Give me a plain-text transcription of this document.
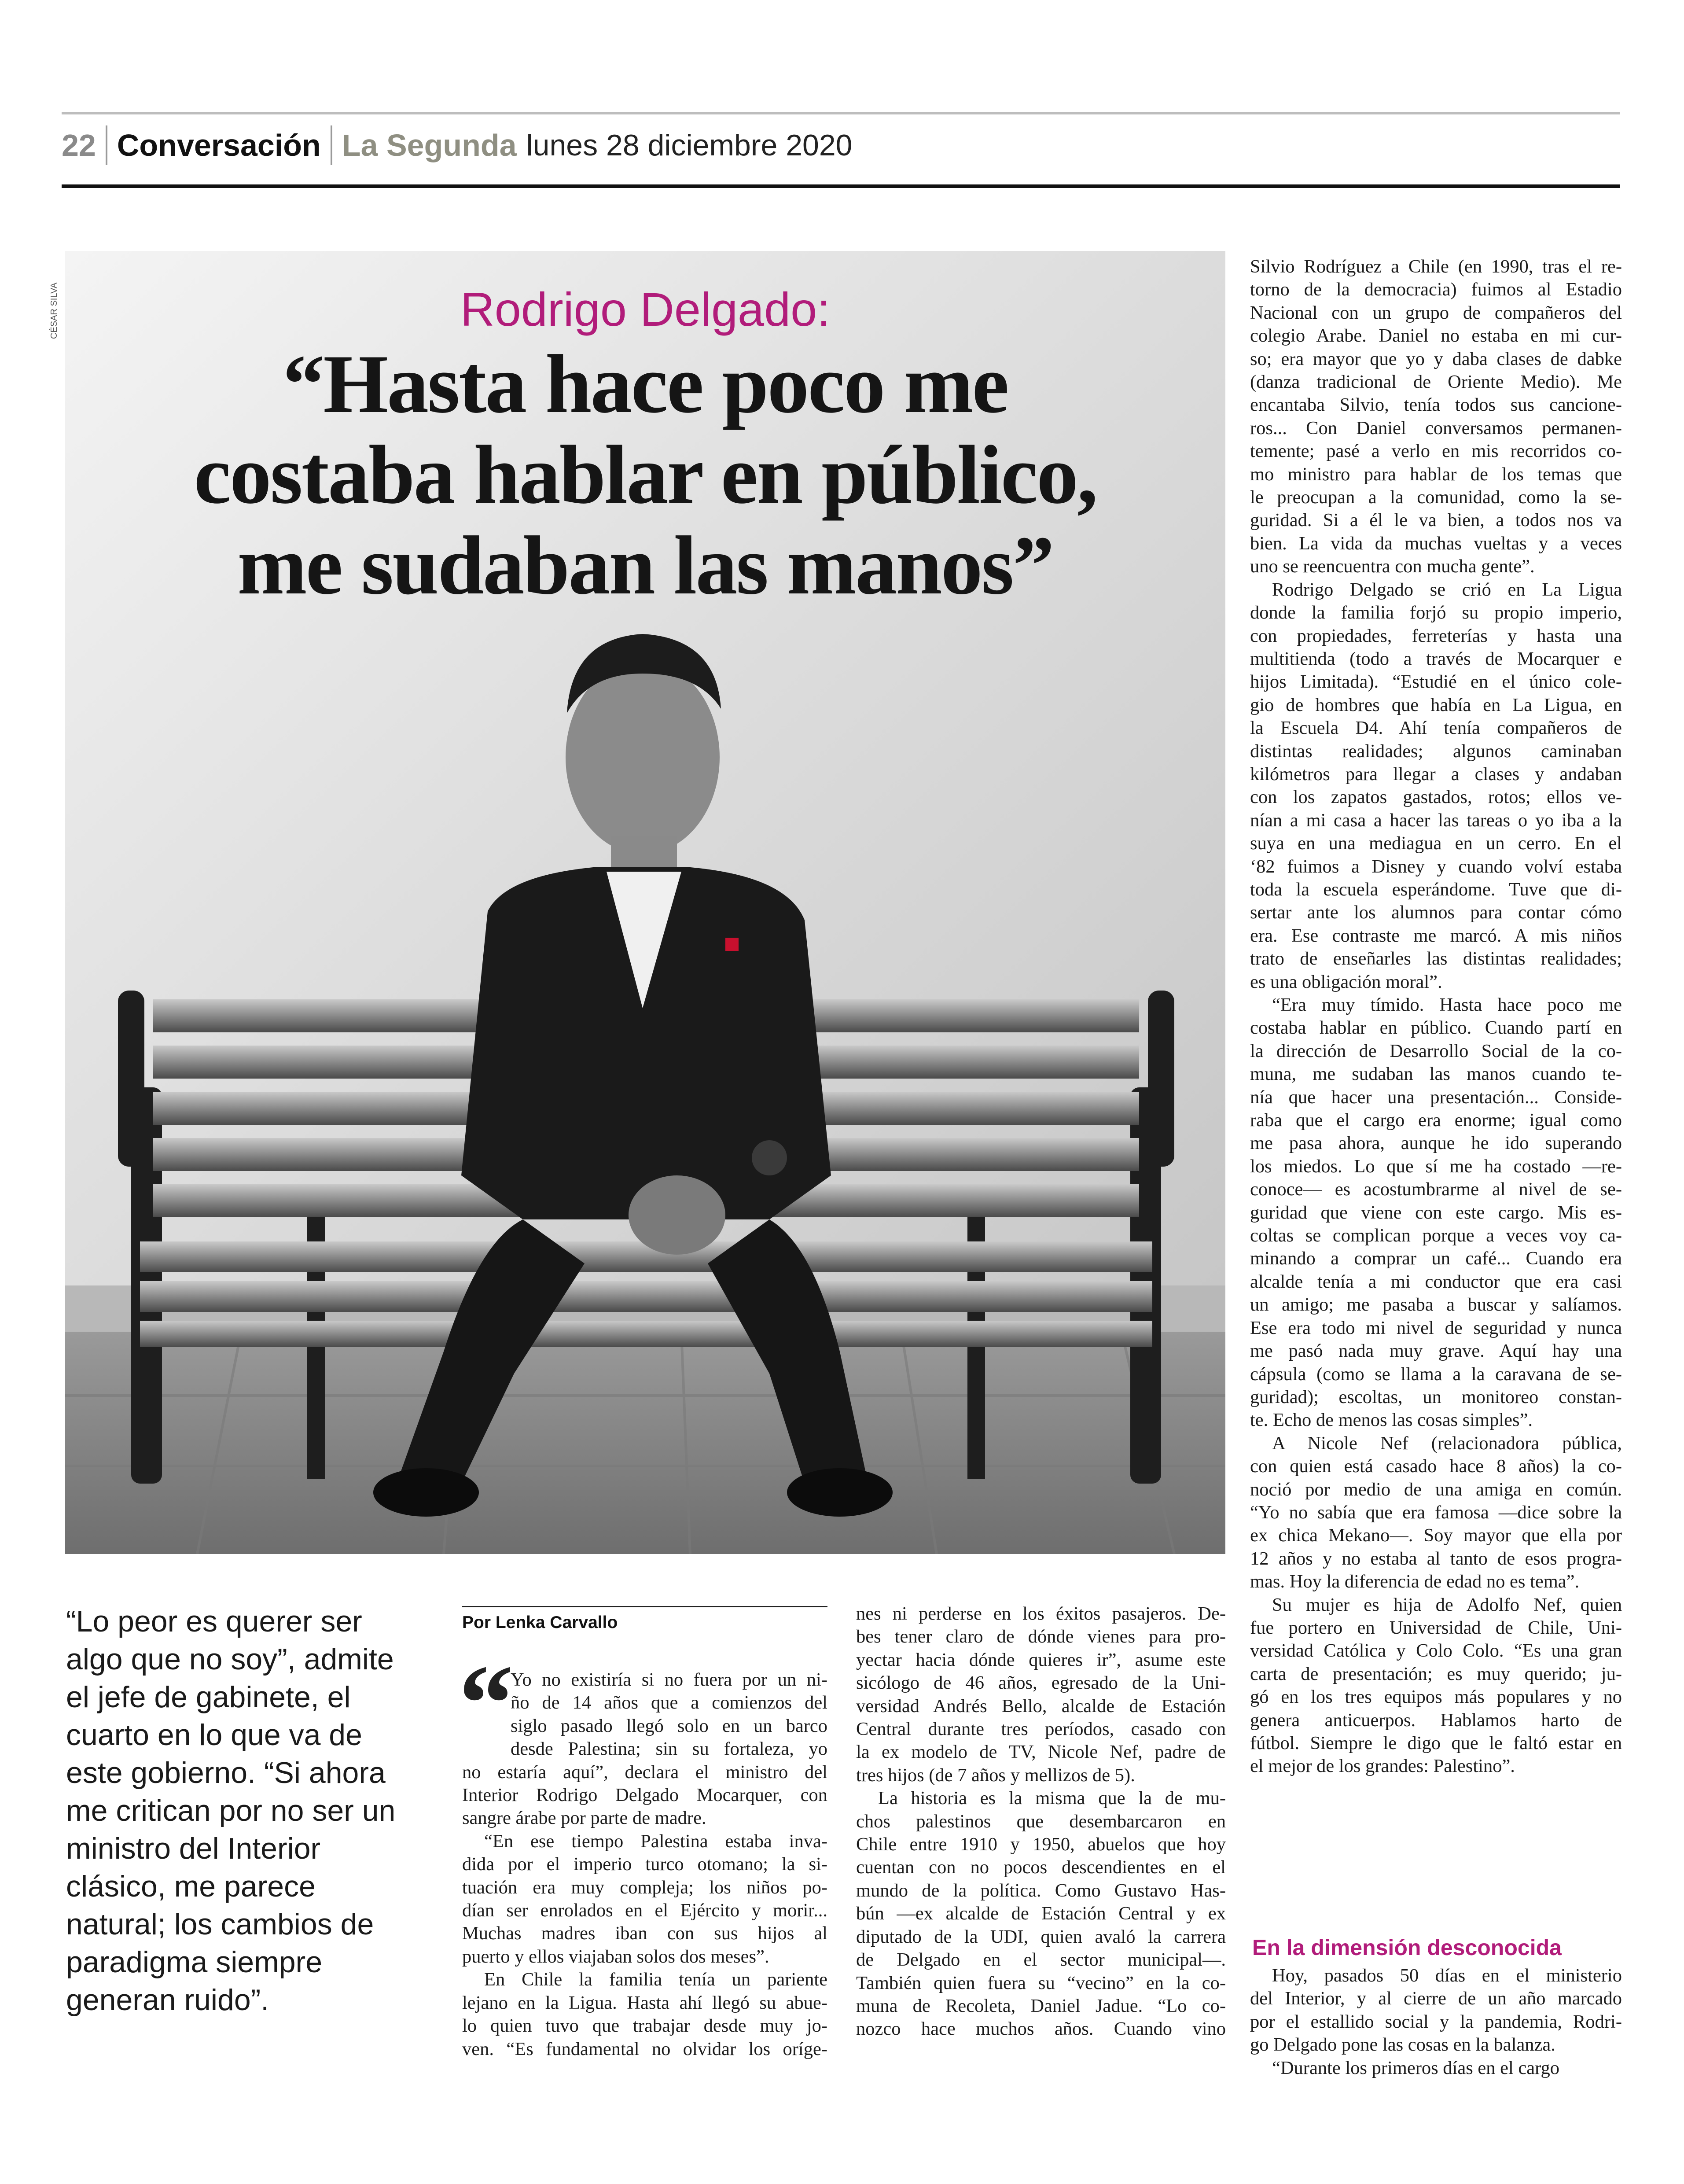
22 Conversación La Segunda lunes 28 diciembre 2020
CÉSAR SILVA	Rodrigo Delgado:
“Hasta hace poco me
costaba hablar en público,
me sudaban las manos”
“Lo peor es querer ser
algo que no soy”, admite
el jefe de gabinete, el
cuarto en lo que va de
este gobierno. “Si ahora
me critican por no ser un
ministro del Interior
clásico, me parece
natural; los cambios de
paradigma siempre
generan ruido”.
Por Lenka Carvallo
“
Yo no existiría si no fuera por un ni-
ño de 14 años que a comienzos del
siglo pasado llegó solo en un barco
desde Palestina; sin su fortaleza, yo
no estaría aquí”, declara el ministro del
Interior Rodrigo Delgado Mocarquer, con
sangre árabe por parte de madre.
“En ese tiempo Palestina estaba inva-
dida por el imperio turco otomano; la si-
tuación era muy compleja; los niños po-
dían ser enrolados en el Ejército y morir...
Muchas madres iban con sus hijos al
puerto y ellos viajaban solos dos meses”.
En Chile la familia tenía un pariente
lejano en la Ligua. Hasta ahí llegó su abue-
lo quien tuvo que trabajar desde muy jo-
ven. “Es fundamental no olvidar los oríge-
nes ni perderse en los éxitos pasajeros. De-
bes tener claro de dónde vienes para pro-
yectar hacia dónde quieres ir”, asume este
sicólogo de 46 años, egresado de la Uni-
versidad Andrés Bello, alcalde de Estación
Central durante tres períodos, casado con
la ex modelo de TV, Nicole Nef, padre de
tres hijos (de 7 años y mellizos de 5).
La historia es la misma que la de mu-
chos palestinos que desembarcaron en
Chile entre 1910 y 1950, abuelos que hoy
cuentan con no pocos descendientes en el
mundo de la política. Como Gustavo Has-
bún —ex alcalde de Estación Central y ex
diputado de la UDI, quien avaló la carrera
de Delgado en el sector municipal—.
También quien fuera su “vecino” en la co-
muna de Recoleta, Daniel Jadue. “Lo co-
nozco hace muchos años. Cuando vino
Silvio Rodríguez a Chile (en 1990, tras el re-
torno de la democracia) fuimos al Estadio
Nacional con un grupo de compañeros del
colegio Arabe. Daniel no estaba en mi cur-
so; era mayor que yo y daba clases de dabke
(danza tradicional de Oriente Medio). Me
encantaba Silvio, tenía todos sus cancione-
ros... Con Daniel conversamos permanen-
temente; pasé a verlo en mis recorridos co-
mo ministro para hablar de los temas que
le preocupan a la comunidad, como la se-
guridad. Si a él le va bien, a todos nos va
bien. La vida da muchas vueltas y a veces
uno se reencuentra con mucha gente”.
Rodrigo Delgado se crió en La Ligua
donde la familia forjó su propio imperio,
con propiedades, ferreterías y hasta una
multitienda (todo a través de Mocarquer e
hijos Limitada). “Estudié en el único cole-
gio de hombres que había en La Ligua, en
la Escuela D4. Ahí tenía compañeros de
distintas realidades; algunos caminaban
kilómetros para llegar a clases y andaban
con los zapatos gastados, rotos; ellos ve-
nían a mi casa a hacer las tareas o yo iba a la
suya en una mediagua en un cerro. En el
‘82 fuimos a Disney y cuando volví estaba
toda la escuela esperándome. Tuve que di-
sertar ante los alumnos para contar cómo
era. Ese contraste me marcó. A mis niños
trato de enseñarles las distintas realidades;
es una obligación moral”.
“Era muy tímido. Hasta hace poco me
costaba hablar en público. Cuando partí en
la dirección de Desarrollo Social de la co-
muna, me sudaban las manos cuando te-
nía que hacer una presentación... Conside-
raba que el cargo era enorme; igual como
me pasa ahora, aunque he ido superando
los miedos. Lo que sí me ha costado —re-
conoce— es acostumbrarme al nivel de se-
guridad que viene con este cargo. Mis es-
coltas se complican porque a veces voy ca-
minando a comprar un café... Cuando era
alcalde tenía a mi conductor que era casi
un amigo; me pasaba a buscar y salíamos.
Ese era todo mi nivel de seguridad y nunca
me pasó nada muy grave. Aquí hay una
cápsula (como se llama a la caravana de se-
guridad); escoltas, un monitoreo constan-
te. Echo de menos las cosas simples”.
A Nicole Nef (relacionadora pública,
con quien está casado hace 8 años) la co-
noció por medio de una amiga en común.
“Yo no sabía que era famosa —dice sobre la
ex chica Mekano—. Soy mayor que ella por
12 años y no estaba al tanto de esos progra-
mas. Hoy la diferencia de edad no es tema”.
Su mujer es hija de Adolfo Nef, quien
fue portero en Universidad de Chile, Uni-
versidad Católica y Colo Colo. “Es una gran
carta de presentación; es muy querido; ju-
gó en los tres equipos más populares y no
genera anticuerpos. Hablamos harto de
fútbol. Siempre le digo que le faltó estar en
el mejor de los grandes: Palestino”.
En la dimensión desconocida
Hoy, pasados 50 días en el ministerio
del Interior, y al cierre de un año marcado
por el estallido social y la pandemia, Rodri-
go Delgado pone las cosas en la balanza.
“Durante los primeros días en el cargo
